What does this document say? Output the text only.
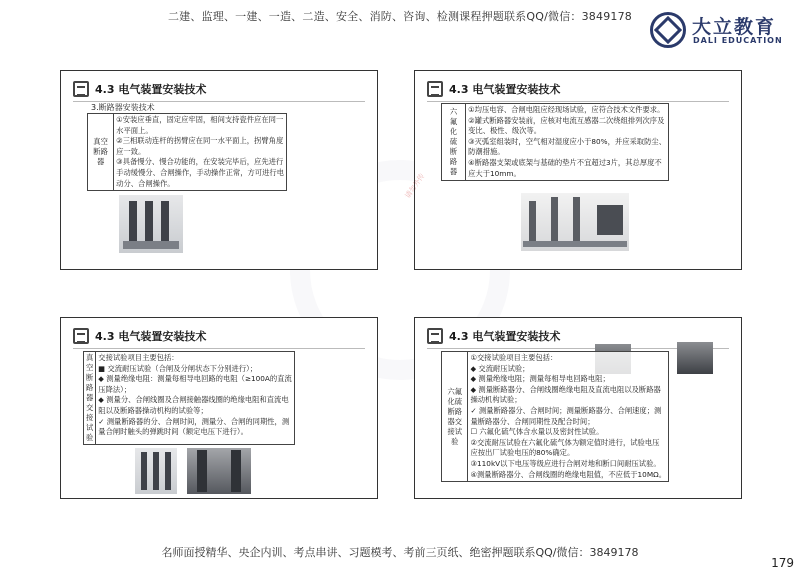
二建、监理、一建、一造、二造、安全、消防、咨询、检测课程押题联系QQ/微信：3849178	大立教育
DALI EDUCATION
4.3 电气装置安装技术
3.断路器安装技术
真空
断路器	
①安装应垂直，固定应牢固，相间支持瓷件应在同一
水平面上。
②三相联动连杆的拐臂应在同一水平面上，拐臂角度
应一致。
③具备慢分、慢合功能的，在安装完毕后，应先进行
手动缓慢分、合闸操作，手动操作正常，方可进行电
动分、合闸操作。
4.3 电气装置安装技术
六
氟
化
硫
断
路
器	
①均压电容、合闸电阻应经现场试验，应符合技术文件要求。
②罐式断路器安装前，应核对电流互感器二次绕组排列次序及
变比、极性、级次等。
③灭弧室组装时，空气相对湿度应小于80%，并应采取防尘、
防潮措施。
④断路器支架或底架与基础的垫片不宜超过3片，其总厚度不
应大于10mm。
请勿外传
4.3 电气装置安装技术
真空
断路
器交
接试
验	
交接试验项目主要包括：
■ 交流耐压试验（合闸及分闸状态下分别进行）；
◆ 测量绝缘电阻：测量每相导电回路的电阻（≥100A的直流
压降法）；
◆ 测量分、合闸线圈及合闸接触器线圈的绝缘电阻和直流电
阻以及断路器操动机构的试验等；
✓ 测量断路器的分、合闸时间，测量分、合闸的同期性，测
量合闸时触头的弹跳时间（额定电压下进行）。
4.3 电气装置安装技术
六氟
化硫
断路
器交
接试
验	
①交接试验项目主要包括：
◆ 交流耐压试验；
◆ 测量绝缘电阻；测量每相导电回路电阻；
◆ 测量断路器分、合闸线圈绝缘电阻及直流电阻以及断路器
操动机构试验；
✓ 测量断路器分、合闸时间；测量断路器分、合闸速度；测
量断路器分、合闸同期性及配合时间；
☐ 六氟化硫气体含水量以及密封性试验。
②交流耐压试验在六氟化硫气体为额定值时进行，试验电压
应按出厂试验电压的80%确定。
③110kV以下电压等级应进行合闸对地和断口间耐压试验。
④测量断路器分、合闸线圈的绝缘电阻值，不应低于10MΩ。
名师面授精华、央企内训、考点串讲、习题模考、考前三页纸、绝密押题联系QQ/微信：3849178
179
